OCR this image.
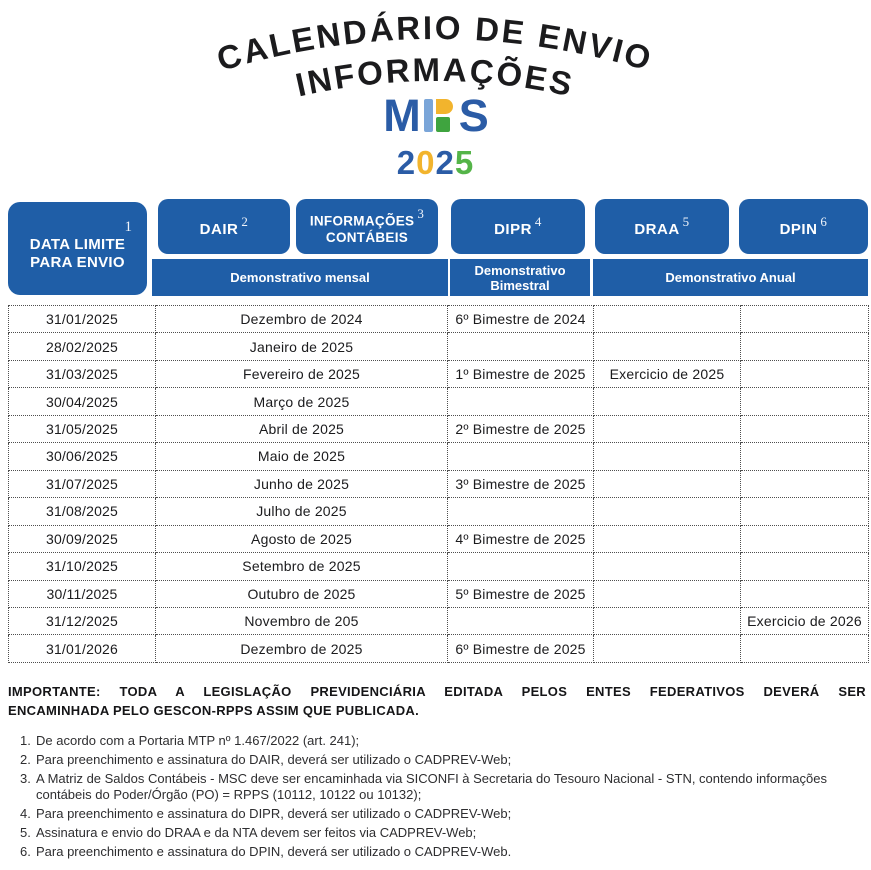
CALENDÁRIO DE ENVIO
INFORMAÇÕES
M S
2 0 2 5
1
DATA LIMITE PARA ENVIO
DAIR $^2$	INFORMAÇÕES $^3$
CONTÁBEIS
DIPR $^4$	DRAA $^5$	DPIN $^6$
Demonstrativo mensal	Demonstrativo Bimestral	Demonstrativo Anual
31/01/2025	Dezembro de 2024	6º Bimestre de 2024		
28/02/2025	Janeiro de 2025			
31/03/2025	Fevereiro de 2025	1º Bimestre de 2025	Exercicio de 2025	
30/04/2025	Março de 2025			
31/05/2025	Abril de 2025	2º Bimestre de 2025		
30/06/2025	Maio de 2025			
31/07/2025	Junho de 2025	3º Bimestre de 2025		
31/08/2025	Julho de 2025			
30/09/2025	Agosto de 2025	4º Bimestre de 2025		
31/10/2025	Setembro de 2025			
30/11/2025	Outubro de 2025	5º Bimestre de 2025		
31/12/2025	Novembro de 205			Exercicio de 2026
31/01/2026	Dezembro de 2025	6º Bimestre de 2025		
IMPORTANTE: TODA A LEGISLAÇÃO PREVIDENCIÁRIA EDITADA PELOS ENTES FEDERATIVOS DEVERÁ SER
ENCAMINHADA PELO GESCON-RPPS ASSIM QUE PUBLICADA.
1. De acordo com a Portaria MTP nº 1.467/2022 (art. 241);
2. Para preenchimento e assinatura do DAIR, deverá ser utilizado o CADPREV-Web;
3. A Matriz de Saldos Contábeis - MSC deve ser encaminhada via SICONFI à Secretaria do Tesouro Nacional - STN, contendo informações contábeis do Poder/Órgão (PO) = RPPS (10112, 10122 ou 10132);
4. Para preenchimento e assinatura do DIPR, deverá ser utilizado o CADPREV-Web;
5. Assinatura e envio do DRAA e da NTA devem ser feitos via CADPREV-Web;
6. Para preenchimento e assinatura do DPIN, deverá ser utilizado o CADPREV-Web.
